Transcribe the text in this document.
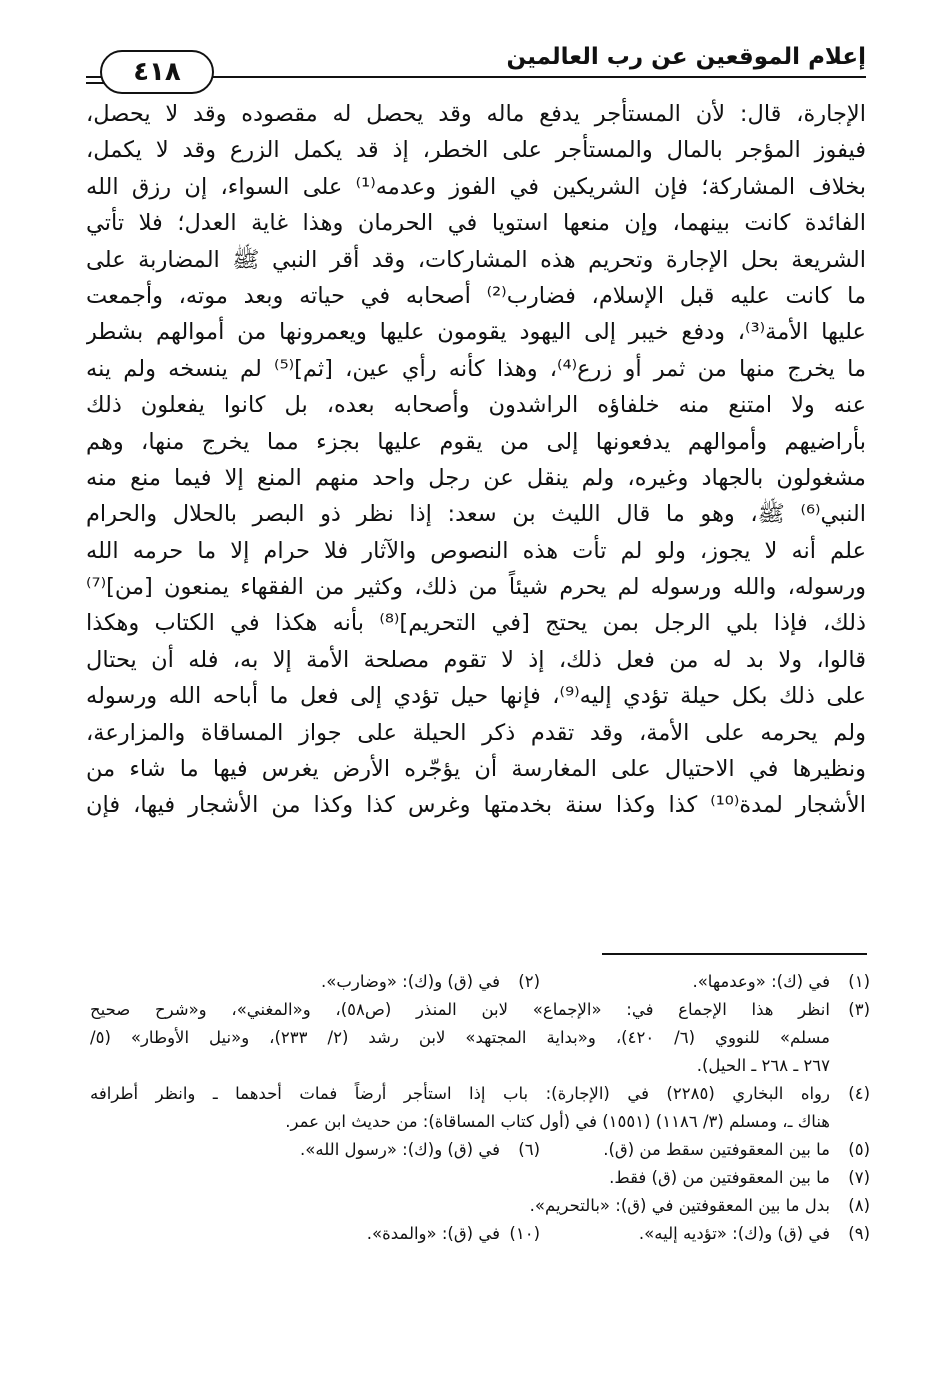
إعلام الموقعين عن رب العالمين
٤١٨
الإجارة، قال: لأن المستأجر يدفع ماله وقد يحصل له مقصوده وقد لا يحصل،
فيفوز المؤجر بالمال والمستأجر على الخطر، إذ قد يكمل الزرع وقد لا يكمل،
بخلاف المشاركة؛ فإن الشريكين في الفوز وعدمه⁽¹⁾ على السواء، إن رزق الله
الفائدة كانت بينهما، وإن منعها استويا في الحرمان وهذا غاية العدل؛ فلا تأتي
الشريعة بحل الإجارة وتحريم هذه المشاركات، وقد أقر النبي ﷺ المضاربة على
ما كانت عليه قبل الإسلام، فضارب⁽²⁾ أصحابه في حياته وبعد موته، وأجمعت
عليها الأمة⁽³⁾، ودفع خيبر إلى اليهود يقومون عليها ويعمرونها من أموالهم بشطر
ما يخرج منها من ثمر أو زرع⁽⁴⁾، وهذا كأنه رأي عين، [ثم]⁽⁵⁾ لم ينسخه ولم ينه
عنه ولا امتنع منه خلفاؤه الراشدون وأصحابه بعده، بل كانوا يفعلون ذلك
بأراضيهم وأموالهم يدفعونها إلى من يقوم عليها بجزء مما يخرج منها، وهم
مشغولون بالجهاد وغيره، ولم ينقل عن رجل واحد منهم المنع إلا فيما منع منه
النبي⁽⁶⁾ ﷺ، وهو ما قال الليث بن سعد: إذا نظر ذو البصر بالحلال والحرام
علم أنه لا يجوز، ولو لم تأت هذه النصوص والآثار فلا حرام إلا ما حرمه الله
ورسوله، والله ورسوله لم يحرم شيئاً من ذلك، وكثير من الفقهاء يمنعون [من]⁽⁷⁾
ذلك، فإذا بلي الرجل بمن يحتج [في التحريم]⁽⁸⁾ بأنه هكذا في الكتاب وهكذا
قالوا، ولا بد له من فعل ذلك، إذ لا تقوم مصلحة الأمة إلا به، فله أن يحتال
على ذلك بكل حيلة تؤدي إليه⁽⁹⁾، فإنها حيل تؤدي إلى فعل ما أباحه الله ورسوله
ولم يحرمه على الأمة، وقد تقدم ذكر الحيلة على جواز المساقاة والمزارعة،
ونظيرها في الاحتيال على المغارسة أن يؤجّره الأرض يغرس فيها ما شاء من
الأشجار لمدة⁽¹⁰⁾ كذا وكذا سنة بخدمتها وغرس كذا وكذا من الأشجار فيها، فإن
(١)
في (ك): «وعدمها».
(٢)
في (ق) و(ك): «وضارب».
(٣)
انظر هذا الإجماع في: «الإجماع» لابن المنذر (ص٥٨)، و«المغني»، و«شرح صحيح
مسلم» للنووي (٦/ ٤٢٠)، و«بداية المجتهد» لابن رشد (٢/ ٢٣٣)، و«نيل الأوطار» (٥/
٢٦٧ ـ ٢٦٨ ـ الحيل).
(٤)
رواه البخاري (٢٢٨٥) في (الإجارة): باب إذا استأجر أرضاً فمات أحدهما ـ وانظر أطرافه
هناك ـ، ومسلم (٣/ ١١٨٦) (١٥٥١) في (أول كتاب المساقاة): من حديث ابن عمر.
(٥)
ما بين المعقوفتين سقط من (ق).
(٦)
في (ق) و(ك): «رسول الله».
(٧)
ما بين المعقوفتين من (ق) فقط.
(٨)
بدل ما بين المعقوفتين في (ق): «بالتحريم».
(٩)
في (ق) و(ك): «تؤديه إليه».
(١٠)
في (ق): «والمدة».
